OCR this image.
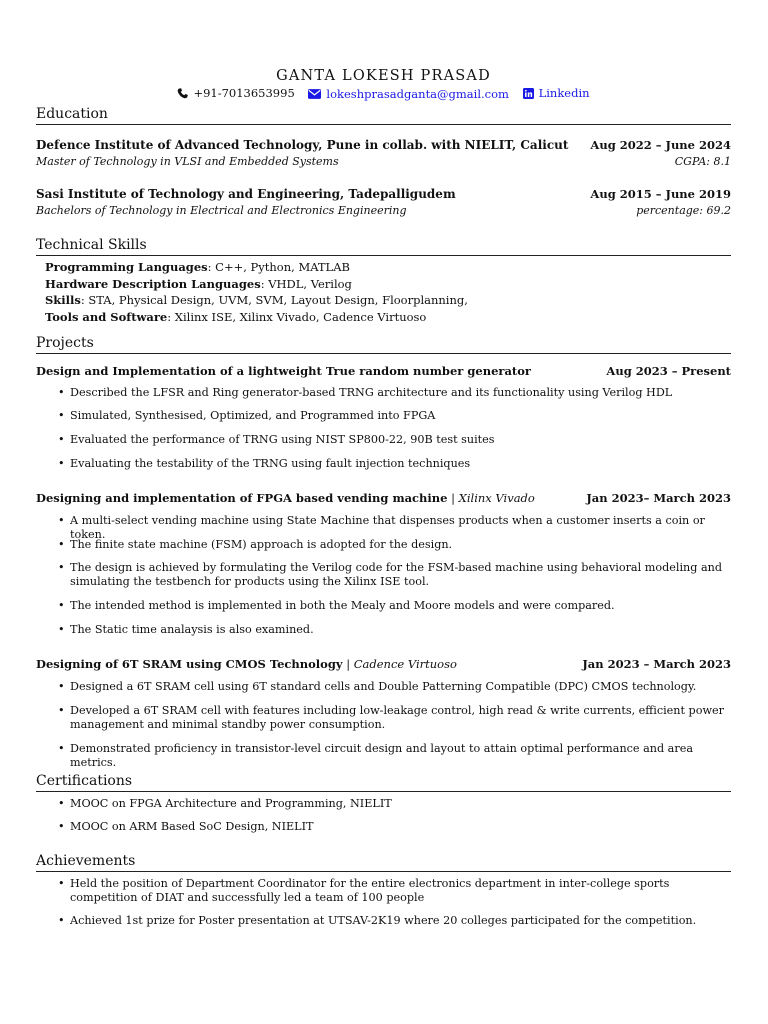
GANTA LOKESH PRASAD
+91-7013653995
	lokeshprasadganta@gmail.com
	Linkedin
Education
Defence Institute of Advanced Technology, Pune in collab. with NIELIT, Calicut Aug 2022 – June 2024
Master of Technology in VLSI and Embedded Systems	CGPA: 8.1
Sasi Institute of Technology and Engineering, Tadepalligudem	Aug 2015 – June 2019
Bachelors of Technology in Electrical and Electronics Engineering	percentage: 69.2
Technical Skills
Programming Languages: C++, Python, MATLAB
Hardware Description Languages: VHDL, Verilog
Skills: STA, Physical Design, UVM, SVM, Layout Design, Floorplanning,
Tools and Software: Xilinx ISE, Xilinx Vivado, Cadence Virtuoso
Projects
Design and Implementation of a lightweight True random number generator	Aug 2023 – Present
• Described the LFSR and Ring generator-based TRNG architecture and its functionality using Verilog HDL
• Simulated, Synthesised, Optimized, and Programmed into FPGA
• Evaluated the performance of TRNG using NIST SP800-22, 90B test suites
• Evaluating the testability of the TRNG using fault injection techniques
Designing and implementation of FPGA based vending machine | Xilinx Vivado	Jan 2023– March 2023
• A multi-select vending machine using State Machine that dispenses products when a customer inserts a coin or token.
• The finite state machine (FSM) approach is adopted for the design.
• The design is achieved by formulating the Verilog code for the FSM-based machine using behavioral modeling and simulating the testbench for products using the Xilinx ISE tool.
• The intended method is implemented in both the Mealy and Moore models and were compared.
• The Static time analaysis is also examined.
Designing of 6T SRAM using CMOS Technology | Cadence Virtuoso	Jan 2023 – March 2023
• Designed a 6T SRAM cell using 6T standard cells and Double Patterning Compatible (DPC) CMOS technology.
• Developed a 6T SRAM cell with features including low-leakage control, high read & write currents, efficient power management and minimal standby power consumption.
• Demonstrated proficiency in transistor-level circuit design and layout to attain optimal performance and area metrics.
Certifications
• MOOC on FPGA Architecture and Programming, NIELIT
• MOOC on ARM Based SoC Design, NIELIT
Achievements
• Held the position of Department Coordinator for the entire electronics department in inter-college sports competition of DIAT and successfully led a team of 100 people
• Achieved 1st prize for Poster presentation at UTSAV-2K19 where 20 colleges participated for the competition.
